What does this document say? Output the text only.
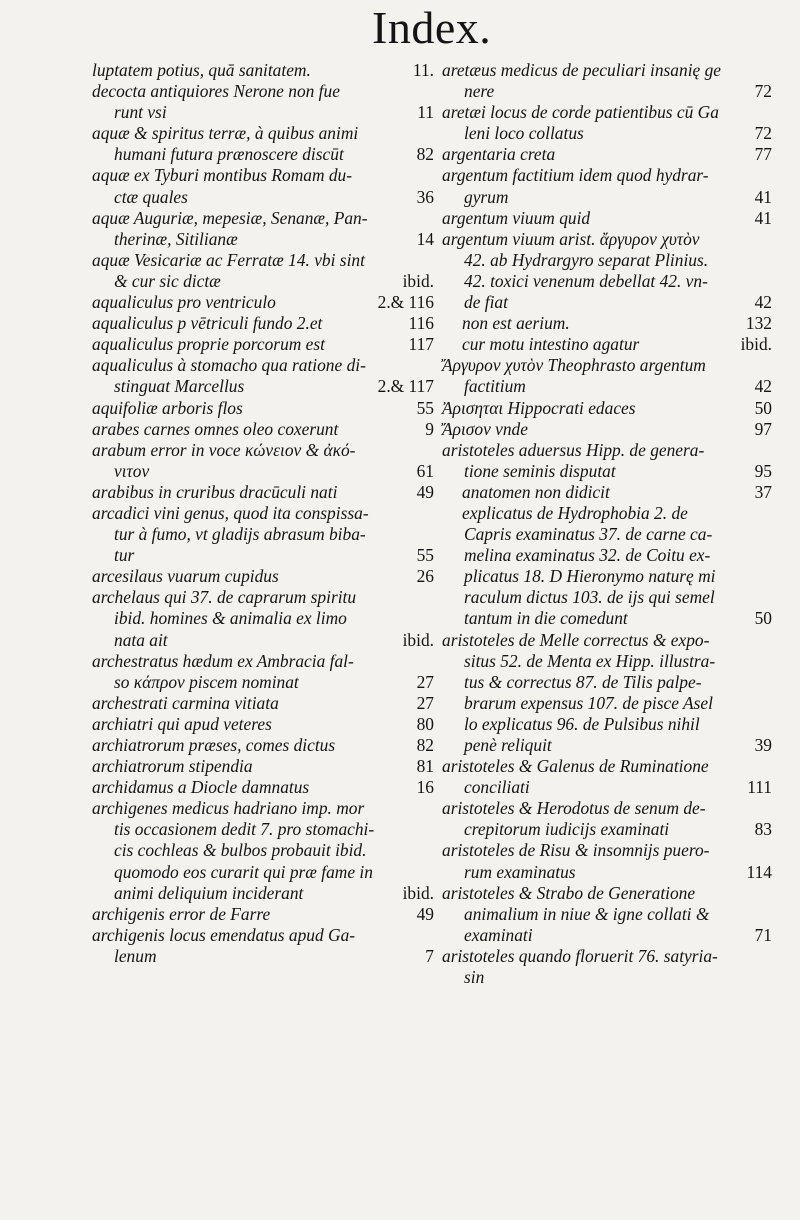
Index.
luptatem potius, quā sanitatem.	11.
decocta antiquiores Nerone non fue
runt vsi	11
aquæ & spiritus terræ, à quibus animi
humani futura prænoscere discūt	82
aquæ ex Tyburi montibus Romam du-
ctæ quales	36
aquæ Auguriæ, mepesiæ, Senanæ, Pan-
therinæ, Sitilianæ	14
aquæ Vesicariæ ac Ferratæ 14. vbi sint
& cur sic dictæ	ibid.
aqualiculus pro ventriculo	2.& 116
aqualiculus p vētriculi fundo 2.et	116
aqualiculus proprie porcorum est	117
aqualiculus à stomacho qua ratione di-
stinguat Marcellus	2.& 117
aquifoliæ arboris flos	55
arabes carnes omnes oleo coxerunt	9
arabum error in voce κώνειον & ἀκό-
νιτον	61
arabibus in cruribus dracūculi nati	49
arcadici vini genus, quod ita conspissa-
tur à fumo, vt gladijs abrasum biba-
tur	55
arcesilaus vuarum cupidus	26
archelaus qui 37. de caprarum spiritu
ibid. homines & animalia ex limo
nata ait	ibid.
archestratus hædum ex Ambracia fal-
so κάπρον piscem nominat	27
archestrati carmina vitiata	27
archiatri qui apud veteres	80
archiatrorum præses, comes dictus	82
archiatrorum stipendia	81
archidamus a Diocle damnatus	16
archigenes medicus hadriano imp. mor
tis occasionem dedit 7. pro stomachi-
cis cochleas & bulbos probauit ibid.
quomodo eos curarit qui præ fame in
animi deliquium inciderant	ibid.
archigenis error de Farre	49
archigenis locus emendatus apud Ga-
lenum	7
aretæus medicus de peculiari insanię ge
nere	72
aretæi locus de corde patientibus cū Ga
leni loco collatus	72
argentaria creta	77
argentum factitium idem quod hydrar-
gyrum	41
argentum viuum quid	41
argentum viuum arist. ἄργυρον χυτὸν
42. ab Hydrargyro separat Plinius.
42. toxici venenum debellat 42. vn-
de fiat	42
non est aerium.	132
cur motu intestino agatur	ibid.
Ἄργυρον χυτὸν Theophrasto argentum
factitium	42
Ἀρισηται Hippocrati edaces	50
Ἄρισον vnde	97
aristoteles aduersus Hipp. de genera-
tione seminis disputat	95
anatomen non didicit	37
explicatus de Hydrophobia 2. de
Capris examinatus 37. de carne ca-
melina examinatus 32. de Coitu ex-
plicatus 18. D Hieronymo naturę mi
raculum dictus 103. de ijs qui semel
tantum in die comedunt	50
aristoteles de Melle correctus & expo-
situs 52. de Menta ex Hipp. illustra-
tus & correctus 87. de Tilis palpe-
brarum expensus 107. de pisce Asel
lo explicatus 96. de Pulsibus nihil
penè reliquit	39
aristoteles & Galenus de Ruminatione
conciliati	111
aristoteles & Herodotus de senum de-
crepitorum iudicijs examinati	83
aristoteles de Risu & insomnijs puero-
rum examinatus	114
aristoteles & Strabo de Generatione
animalium in niue & igne collati &
examinati	71
aristoteles quando floruerit 76. satyria-
sin
